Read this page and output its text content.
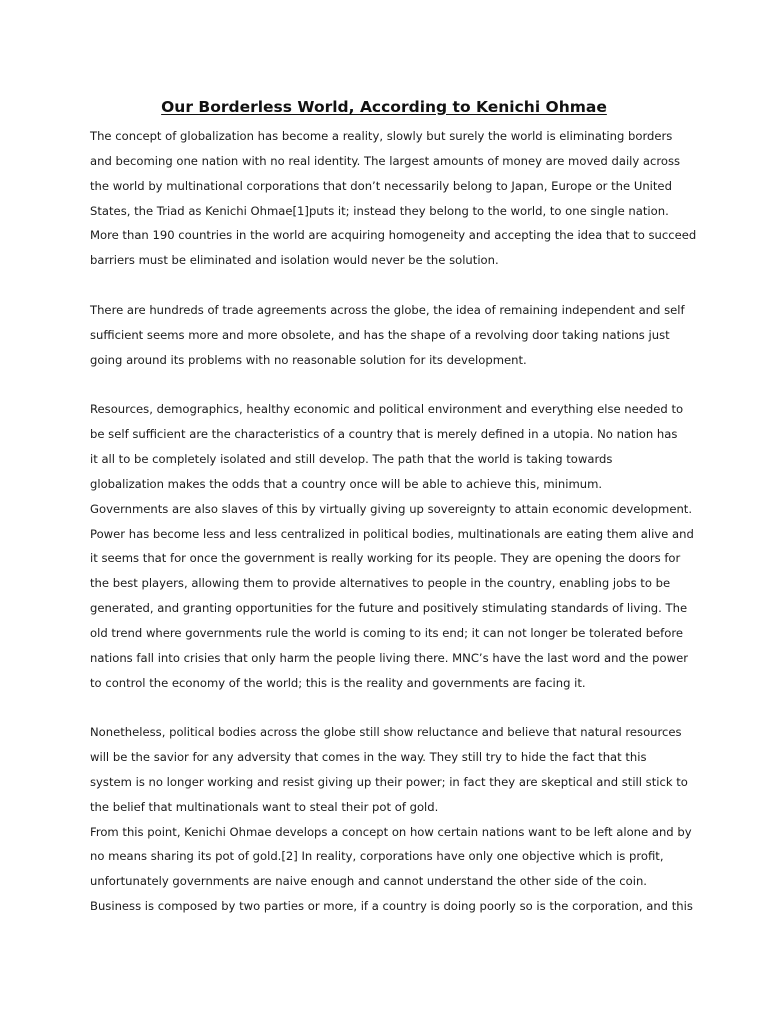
Our Borderless World, According to Kenichi Ohmae
The concept of globalization has become a reality, slowly but surely the world is eliminating borders
and becoming one nation with no real identity. The largest amounts of money are moved daily across
the world by multinational corporations that don’t necessarily belong to Japan, Europe or the United
States, the Triad as Kenichi Ohmae[1]puts it; instead they belong to the world, to one single nation.
More than 190 countries in the world are acquiring homogeneity and accepting the idea that to succeed
barriers must be eliminated and isolation would never be the solution.
There are hundreds of trade agreements across the globe, the idea of remaining independent and self
sufficient seems more and more obsolete, and has the shape of a revolving door taking nations just
going around its problems with no reasonable solution for its development.
Resources, demographics, healthy economic and political environment and everything else needed to
be self sufficient are the characteristics of a country that is merely defined in a utopia. No nation has
it all to be completely isolated and still develop. The path that the world is taking towards
globalization makes the odds that a country once will be able to achieve this, minimum.
Governments are also slaves of this by virtually giving up sovereignty to attain economic development.
Power has become less and less centralized in political bodies, multinationals are eating them alive and
it seems that for once the government is really working for its people. They are opening the doors for
the best players, allowing them to provide alternatives to people in the country, enabling jobs to be
generated, and granting opportunities for the future and positively stimulating standards of living. The
old trend where governments rule the world is coming to its end; it can not longer be tolerated before
nations fall into crisies that only harm the people living there. MNC’s have the last word and the power
to control the economy of the world; this is the reality and governments are facing it.
Nonetheless, political bodies across the globe still show reluctance and believe that natural resources
will be the savior for any adversity that comes in the way. They still try to hide the fact that this
system is no longer working and resist giving up their power; in fact they are skeptical and still stick to
the belief that multinationals want to steal their pot of gold.
From this point, Kenichi Ohmae develops a concept on how certain nations want to be left alone and by
no means sharing its pot of gold.[2] In reality, corporations have only one objective which is profit,
unfortunately governments are naive enough and cannot understand the other side of the coin.
Business is composed by two parties or more, if a country is doing poorly so is the corporation, and this
